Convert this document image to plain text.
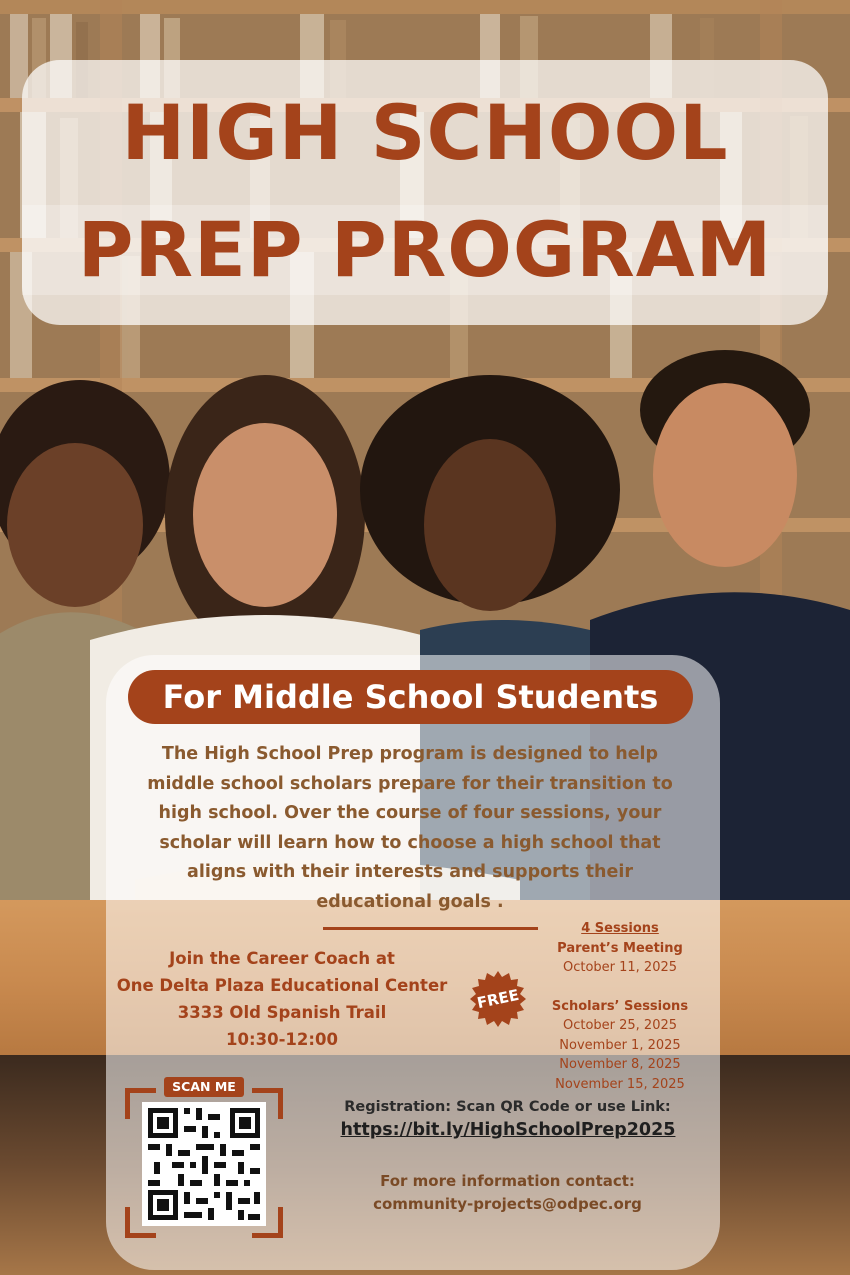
HIGH SCHOOL
PREP PROGRAM
For Middle School Students

The High School Prep program is designed to help middle school scholars prepare for their transition to high school. Over the course of four sessions, your scholar will learn how to choose a high school that aligns with their interests and supports their educational goals .

Join the Career Coach at
One Delta Plaza Educational Center
3333 Old Spanish Trail
10:30-12:00
FREE
4 Sessions
Parent’s Meeting
October 11, 2025
Scholars’ Sessions
October 25, 2025
November 1, 2025
November 8, 2025
November 15, 2025
SCAN ME
Registration: Scan QR Code or use Link:
https://bit.ly/HighSchoolPrep2025
For more information contact:
community-projects@odpec.org
